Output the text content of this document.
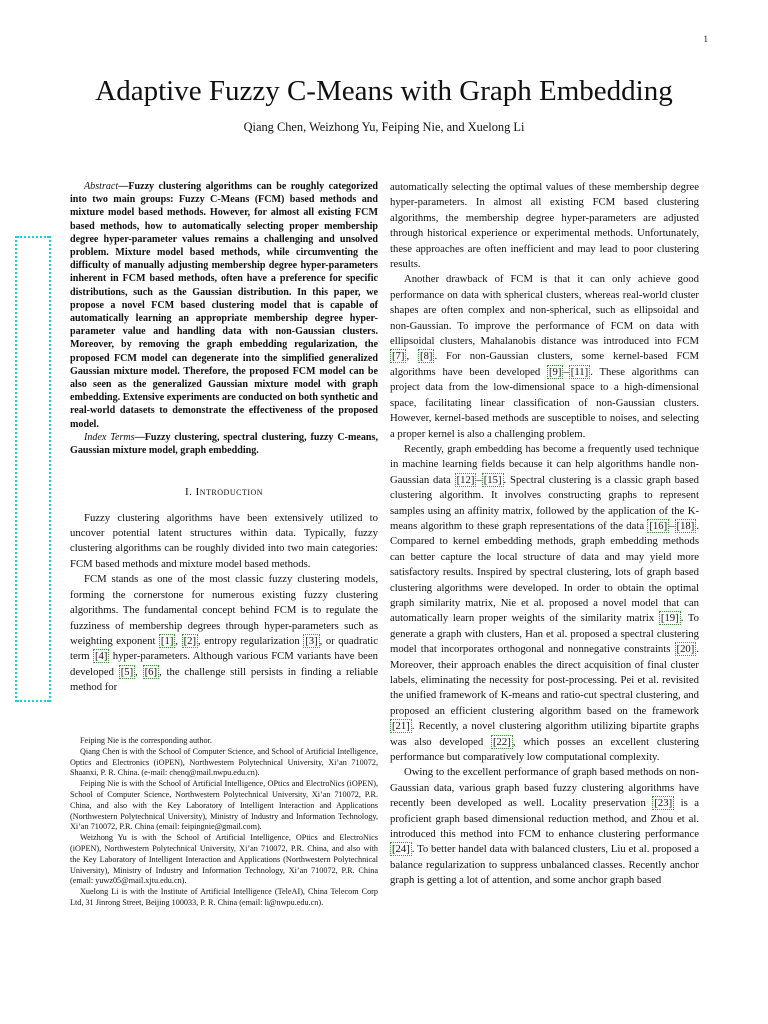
1
Adaptive Fuzzy C-Means with Graph Embedding
Qiang Chen, Weizhong Yu, Feiping Nie, and Xuelong Li

Abstract—Fuzzy clustering algorithms can be roughly categorized into two main groups: Fuzzy C-Means (FCM) based methods and mixture model based methods. However, for almost all existing FCM based methods, how to automatically selecting proper membership degree hyper-parameter values remains a challenging and unsolved problem. Mixture model based methods, while circumventing the difficulty of manually adjusting membership degree hyper-parameters inherent in FCM based methods, often have a preference for specific distributions, such as the Gaussian distribution. In this paper, we propose a novel FCM based clustering model that is capable of automatically learning an appropriate membership degree hyper-parameter value and handling data with non-Gaussian clusters. Moreover, by removing the graph embedding regularization, the proposed FCM model can degenerate into the simplified generalized Gaussian mixture model. Therefore, the proposed FCM model can be also seen as the generalized Gaussian mixture model with graph embedding. Extensive experiments are conducted on both synthetic and real-world datasets to demonstrate the effectiveness of the proposed model.

Index Terms—Fuzzy clustering, spectral clustering, fuzzy C-means, Gaussian mixture model, graph embedding.

I. Introduction

Fuzzy clustering algorithms have been extensively utilized to uncover potential latent structures within data. Typically, fuzzy clustering algorithms can be roughly divided into two main categories: FCM based methods and mixture model based methods.

FCM stands as one of the most classic fuzzy clustering models, forming the cornerstone for numerous existing fuzzy clustering algorithms. The fundamental concept behind FCM is to regulate the fuzziness of membership degrees through hyper-parameters such as weighting exponent [1] , [2] , entropy regularization [3] , or quadratic term [4] hyper-parameters. Although various FCM variants have been developed [5] , [6] , the challenge still persists in finding a reliable method for

Feiping Nie is the corresponding author.

Qiang Chen is with the School of Computer Science, and School of Artificial Intelligence, Optics and Electronics (iOPEN), Northwestern Polytechnical University, Xi’an 710072, Shaanxi, P. R. China. (e-mail: chenq@mail.nwpu.edu.cn).

Feiping Nie is with the School of Artificial Intelligence, OPtics and ElectroNics (iOPEN), School of Computer Science, Northwestern Polytechnical University, Xi’an 710072, P.R. China, and also with the Key Laboratory of Intelligent Interaction and Applications (Northwestern Polytechnical University), Ministry of Industry and Information Technology, Xi’an 710072, P.R. China (email: feipingnie@gmail.com).

Weizhong Yu is with the School of Artificial Intelligence, OPtics and ElectroNics (iOPEN), Northwestern Polytechnical University, Xi’an 710072, P.R. China, and also with the Key Laboratory of Intelligent Interaction and Applications (Northwestern Polytechnical University), Ministry of Industry and Information Technology, Xi’an 710072, P.R. China (email: yuwz05@mail.xjtu.edu.cn).

Xuelong Li is with the Institute of Artificial Intelligence (TeleAI), China Telecom Corp Ltd, 31 Jinrong Street, Beijing 100033, P. R. China (email: li@nwpu.edu.cn).

automatically selecting the optimal values of these membership degree hyper-parameters. In almost all existing FCM based clustering algorithms, the membership degree hyper-parameters are adjusted through historical experience or experimental methods. Unfortunately, these approaches are often inefficient and may lead to poor clustering results.

Another drawback of FCM is that it can only achieve good performance on data with spherical clusters, whereas real-world cluster shapes are often complex and non-spherical, such as ellipsoidal and non-Gaussian. To improve the performance of FCM on data with ellipsoidal clusters, Mahalanobis distance was introduced into FCM [7] , [8] . For non-Gaussian clusters, some kernel-based FCM algorithms have been developed [9] – [11] . These algorithms can project data from the low-dimensional space to a high-dimensional space, facilitating linear classification of non-Gaussian clusters. However, kernel-based methods are susceptible to noises, and selecting a proper kernel is also a challenging problem.

Recently, graph embedding has become a frequently used technique in machine learning fields because it can help algorithms handle non-Gaussian data [12] – [15] . Spectral clustering is a classic graph based clustering algorithm. It involves constructing graphs to represent samples using an affinity matrix, followed by the application of the K-means algorithm to these graph representations of the data [16] – [18] . Compared to kernel embedding methods, graph embedding methods can better capture the local structure of data and may yield more satisfactory results. Inspired by spectral clustering, lots of graph based clustering algorithms were developed. In order to obtain the optimal graph similarity matrix, Nie et al. proposed a novel model that can automatically learn proper weights of the similarity matrix [19] . To generate a graph with clusters, Han et al. proposed a spectral clustering model that incorporates orthogonal and nonnegative constraints [20] . Moreover, their approach enables the direct acquisition of final cluster labels, eliminating the necessity for post-processing. Pei et al. revisited the unified framework of K-means and ratio-cut spectral clustering, and proposed an efficient clustering algorithm based on the framework [21] . Recently, a novel clustering algorithm utilizing bipartite graphs was also developed [22] , which posses an excellent clustering performance but comparatively low computational complexity.

Owing to the excellent performance of graph based methods on non-Gaussian data, various graph based fuzzy clustering algorithms have recently been developed as well. Locality preservation [23] is a proficient graph based dimensional reduction method, and Zhou et al. introduced this method into FCM to enhance clustering performance [24] . To better handel data with balanced clusters, Liu et al. proposed a balance regularization to suppress unbalanced classes. Recently anchor graph is getting a lot of attention, and some anchor graph based
